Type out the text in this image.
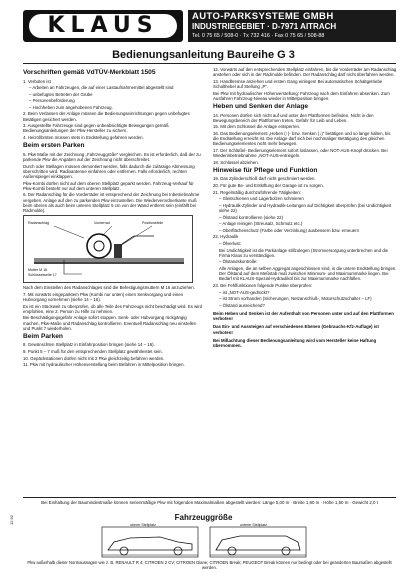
KLAUS	AUTO-PARKSYSTEME GMBH
INDUSTRIEGEBIET · D-7971 AITRACH
Tel. 0 75 65 / 508-0 · Tx 732 416 · Fax 0 75 65 / 508-88
Bedienungsanleitung Baureihe G 3
Vorschriften gemäß VdTÜV-Merkblatt 1505

1. Verboten ist

– Arbeiten an Fahrzeugen, die auf einer Lastaufnahmemittel abgestellt sind

– unbefugtes Betreten der Grube

– Personenbeförderung

– Hochheben zum angehobenen Fahrzeug.

2. Beim Verlassen der Anlage müssen die Bedienungseinrichtungen gegen unbefugtes Betätigen gesichert werden.

3. Ausgestellte Fahrzeuge sind gegen unbeabsichtigte Bewegungen gemäß Bedienungsanleitungen der Pkw-Hersteller zu sichern.

4. Heizöl/brüten müssen stets in Endstellung gefahren werden.

Beim ersten Parken

5. Pkw Maße mit der Zeichnung „Fahrzeuggröße“ vergleichen. Es ist erforderlich, daß der zu parkende Pkw die Angaben auf der Zeichnung nicht überschreitet.

Durch oder Stellagen müssen demontiert werden, falls dadurch die zulässige Abmessung überschritten wird. Radioantenne einfahren oder entfernen. Falls erforderlich, rechten Außenspiegel einklappen.

Pkw-Kombi dürfen nicht auf dem oberen Stellplatz geparkt werden. Fahrzeug-Verkauf für Pkw-Kombi besteht nur auf dem unteren Stellplatz.

6. Der Radanschlag für die Vorderräder ist entsprechend der Zeichnung bei Inbetriebnahme vergeben. Anlage auf den zu parkenden Pkw einzustellen. Die Wiederverordnerkante muß beim oberen als auch beim unteren Stellplatz 5 cm von der Wand entfernt sein (einfällt bei Radmulde).

Radanschlag	Vorderrad	Positionsfeile
Mutter M 16
Schlüsselweite 17

Nach dem Einstellen des Radanschlages sind die Befestigungsmuttern M 16 anzuziehen.

7. Mit vorwärts eingeparktem Pkw (Kombi nur unten) einen Senkvorgang und einen Hubvorgang vornehmen (siehe 14 – 16).

Es ist ein Stückweit zu überprüfen, ob alle Teile des Fahrzeugs nicht beschädigt wird. Es wird empfohlen, eine 2. Person zu Hilfe zu nehmen.

Bei Beschädigungsgefahr Anlage sofort stoppen. Senk- oder Hubvorgang rückgängig machen, Pkw-Maße und Radanschlag kontrollieren. Eventuell Radanschlag neu einstellen und Punkt 7 wiederholen.

Beim Parken

8. Gewünschten Stellplatz in Einfahrposition bringen (siehe 14 – 16).

9. Punkt 5 – 7 muß für den entsprechenden Stellplatz gewährleistet sein.

10. Gepäckstationen dürfen nicht mit 2 Pkw gleichzeitig befahren werden.

11. Pkw mit hydraulischer Höhenverstellung beim Befahren in Mittelposition bringen.

12. Vorwärts auf den entsprechenden Stellplatz einfahren, bis die Vorderräder am Radanschlag anstehen oder sich in der Radmulde befinden. Der Radanschlag darf nicht überfahren werden.

13. Handbremse anziehen und ersten Gang einlegen! Bei automatischen Schaltgetriebe Schalthebel auf Stellung „P“.

Bei Pkw mit hydraulischer Höhenverstellung: Fahrzeug nach dem Einfahren absenken. Zum Ausfahren Fahrzeug-Niveau wieder in Mittelposition bringen.

Heben und Senken der Anlage

14. Personen dürfen sich nicht auf und unter den Plattformen befinden. Nicht in den Bewegungsbereich der Plattformen treten. Gefahr für Leib und Leben.

15. Mit dem Schlüssel die Anlage entsperren.

16. Das Bedienungselement „Heben (↑)- bzw. Senken (↓)“ betätigen und so lange halten, bis die Endstellung erreicht ist. Die Anlage darf sich bei nochmaliger Betätigung des gleichen Bedienungselementes nicht mehr bewegen.

17. Der Schlüßel- Bedienungselement sofort loslassen, oder NOT-AUS-Knopf drücken. Bei Wiederinbetriebnahme „NOT-AUS-entriegeln.

18. Schlüssel abziehen.

Hinweise für Pflege und Funktion

19. Das Zylinderschloß darf nicht geschmiert werden.

20. Für gute Be- und Entlüftung der Garage ist zu sorgen.

21. Regelmäßig durchzuführende Tätigkeiten:

– Gleitschienen und Lagerbolzen schmieren

– Hydraulik-Zylinder und Hydraulik-Leitungen auf Dichtigkeit überprüfen (bei Undichtigkeit siehe 22)

– Ölstand kontrollieren (siehe 22)

– Anlage reinigen (Streusalz, Schmutz etc.)

– Oberflächenschutz (Farbe oder Verzinkung) ausbessern bzw. erneuern

22. Hydraulik

– Ölverlust:

Bei Undichtigkeit ist die Parkanlage stillzulegen (Stromversorgung unterbrechen und die Firma Klaus zu verständigen.

– Ölstandskontrolle:

Alle Anlagen, die an selben Aggregat angeschlossen sind, in die untere Endstellung bringen. Der Ölstand auf dem Meßstab muß zwischen Minimum- und Maximummarke liegen. Bei Bedarf mit KLAUS-Spezial-Hydrauliköl bis zur Maximummarke nachfüllen.

23. Bei Fehlfunktionen folgende Punkte überprüfen:

– ist „NOT-AUS-gedrückt?

– ist Strom vorhanden (Sicherungen, Netzanschluß-, Motorschutzschalter – LF)

– Ölstand ausreichend?

Beim Heben und Senken ist der Aufenthalt von Personen unter und auf den Plattformen verboten!

Das Ein- und Aussteigen auf verschiedenen Ebenen (Gebrauchs-Kfz-Auflage) ist verboten!

Bei Mißachtung dieser Bedienungsanleitung wird vom Hersteller keine Haftung übernommen.

Bei Einhaltung der Baumindestmaße können serienmäßige Pkw mit folgenden Maximalmaßen abgestellt werden: Länge 5,00 m · Breite 1,90 m · Höhe 1,50 m · Gewicht 2,0 t
Fahrzeuggröße
oberer Stellplatz	unterer Stellplatz
Pkw außerhalb dieser Normaussagen wie z. B. RENAULT R 4; CITROEN 2 CV; CITROEN Diane; CITROEN Break; PEUGEOT Break können nur bedingt oder bei geänderten Baumaßen abgestellt werden.
12.92
